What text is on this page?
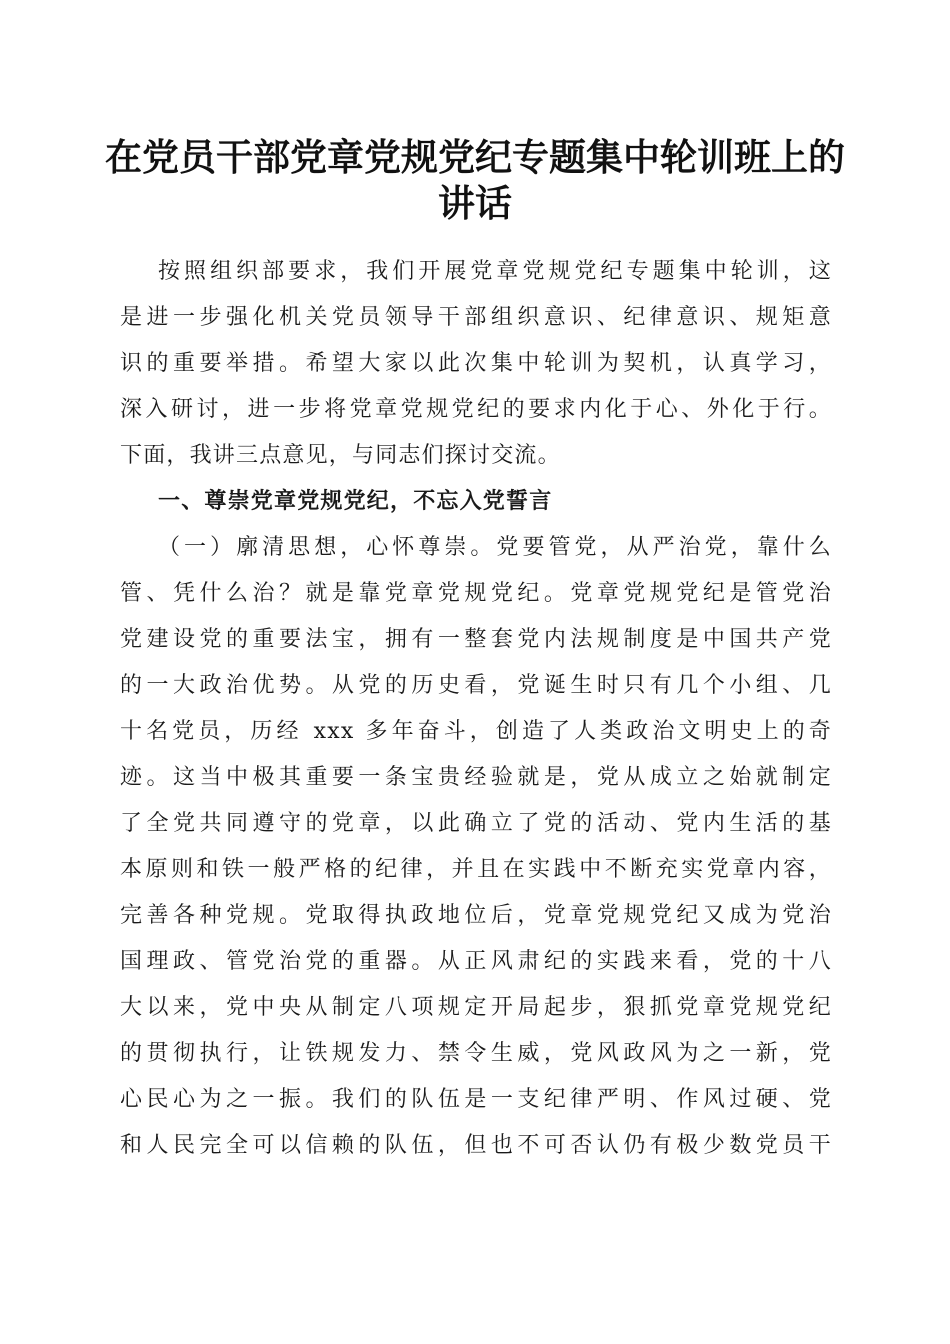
在党员干部党章党规党纪专题集中轮训班上的
讲话
按照组织部要求，我们开展党章党规党纪专题集中轮训，这
是进一步强化机关党员领导干部组织意识、纪律意识、规矩意
识的重要举措。希望大家以此次集中轮训为契机，认真学习，
深入研讨，进一步将党章党规党纪的要求内化于心、外化于行。
下面，我讲三点意见，与同志们探讨交流。
一、尊崇党章党规党纪，不忘入党誓言
（一）廓清思想，心怀尊崇。党要管党，从严治党，靠什么
管、凭什么治？就是靠党章党规党纪。党章党规党纪是管党治
党建设党的重要法宝，拥有一整套党内法规制度是中国共产党
的一大政治优势。从党的历史看，党诞生时只有几个小组、几
十名党员，历经 xxx 多年奋斗，创造了人类政治文明史上的奇
迹。这当中极其重要一条宝贵经验就是，党从成立之始就制定
了全党共同遵守的党章，以此确立了党的活动、党内生活的基
本原则和铁一般严格的纪律，并且在实践中不断充实党章内容，
完善各种党规。党取得执政地位后，党章党规党纪又成为党治
国理政、管党治党的重器。从正风肃纪的实践来看，党的十八
大以来，党中央从制定八项规定开局起步，狠抓党章党规党纪
的贯彻执行，让铁规发力、禁令生威，党风政风为之一新，党
心民心为之一振。我们的队伍是一支纪律严明、作风过硬、党
和人民完全可以信赖的队伍，但也不可否认仍有极少数党员干
